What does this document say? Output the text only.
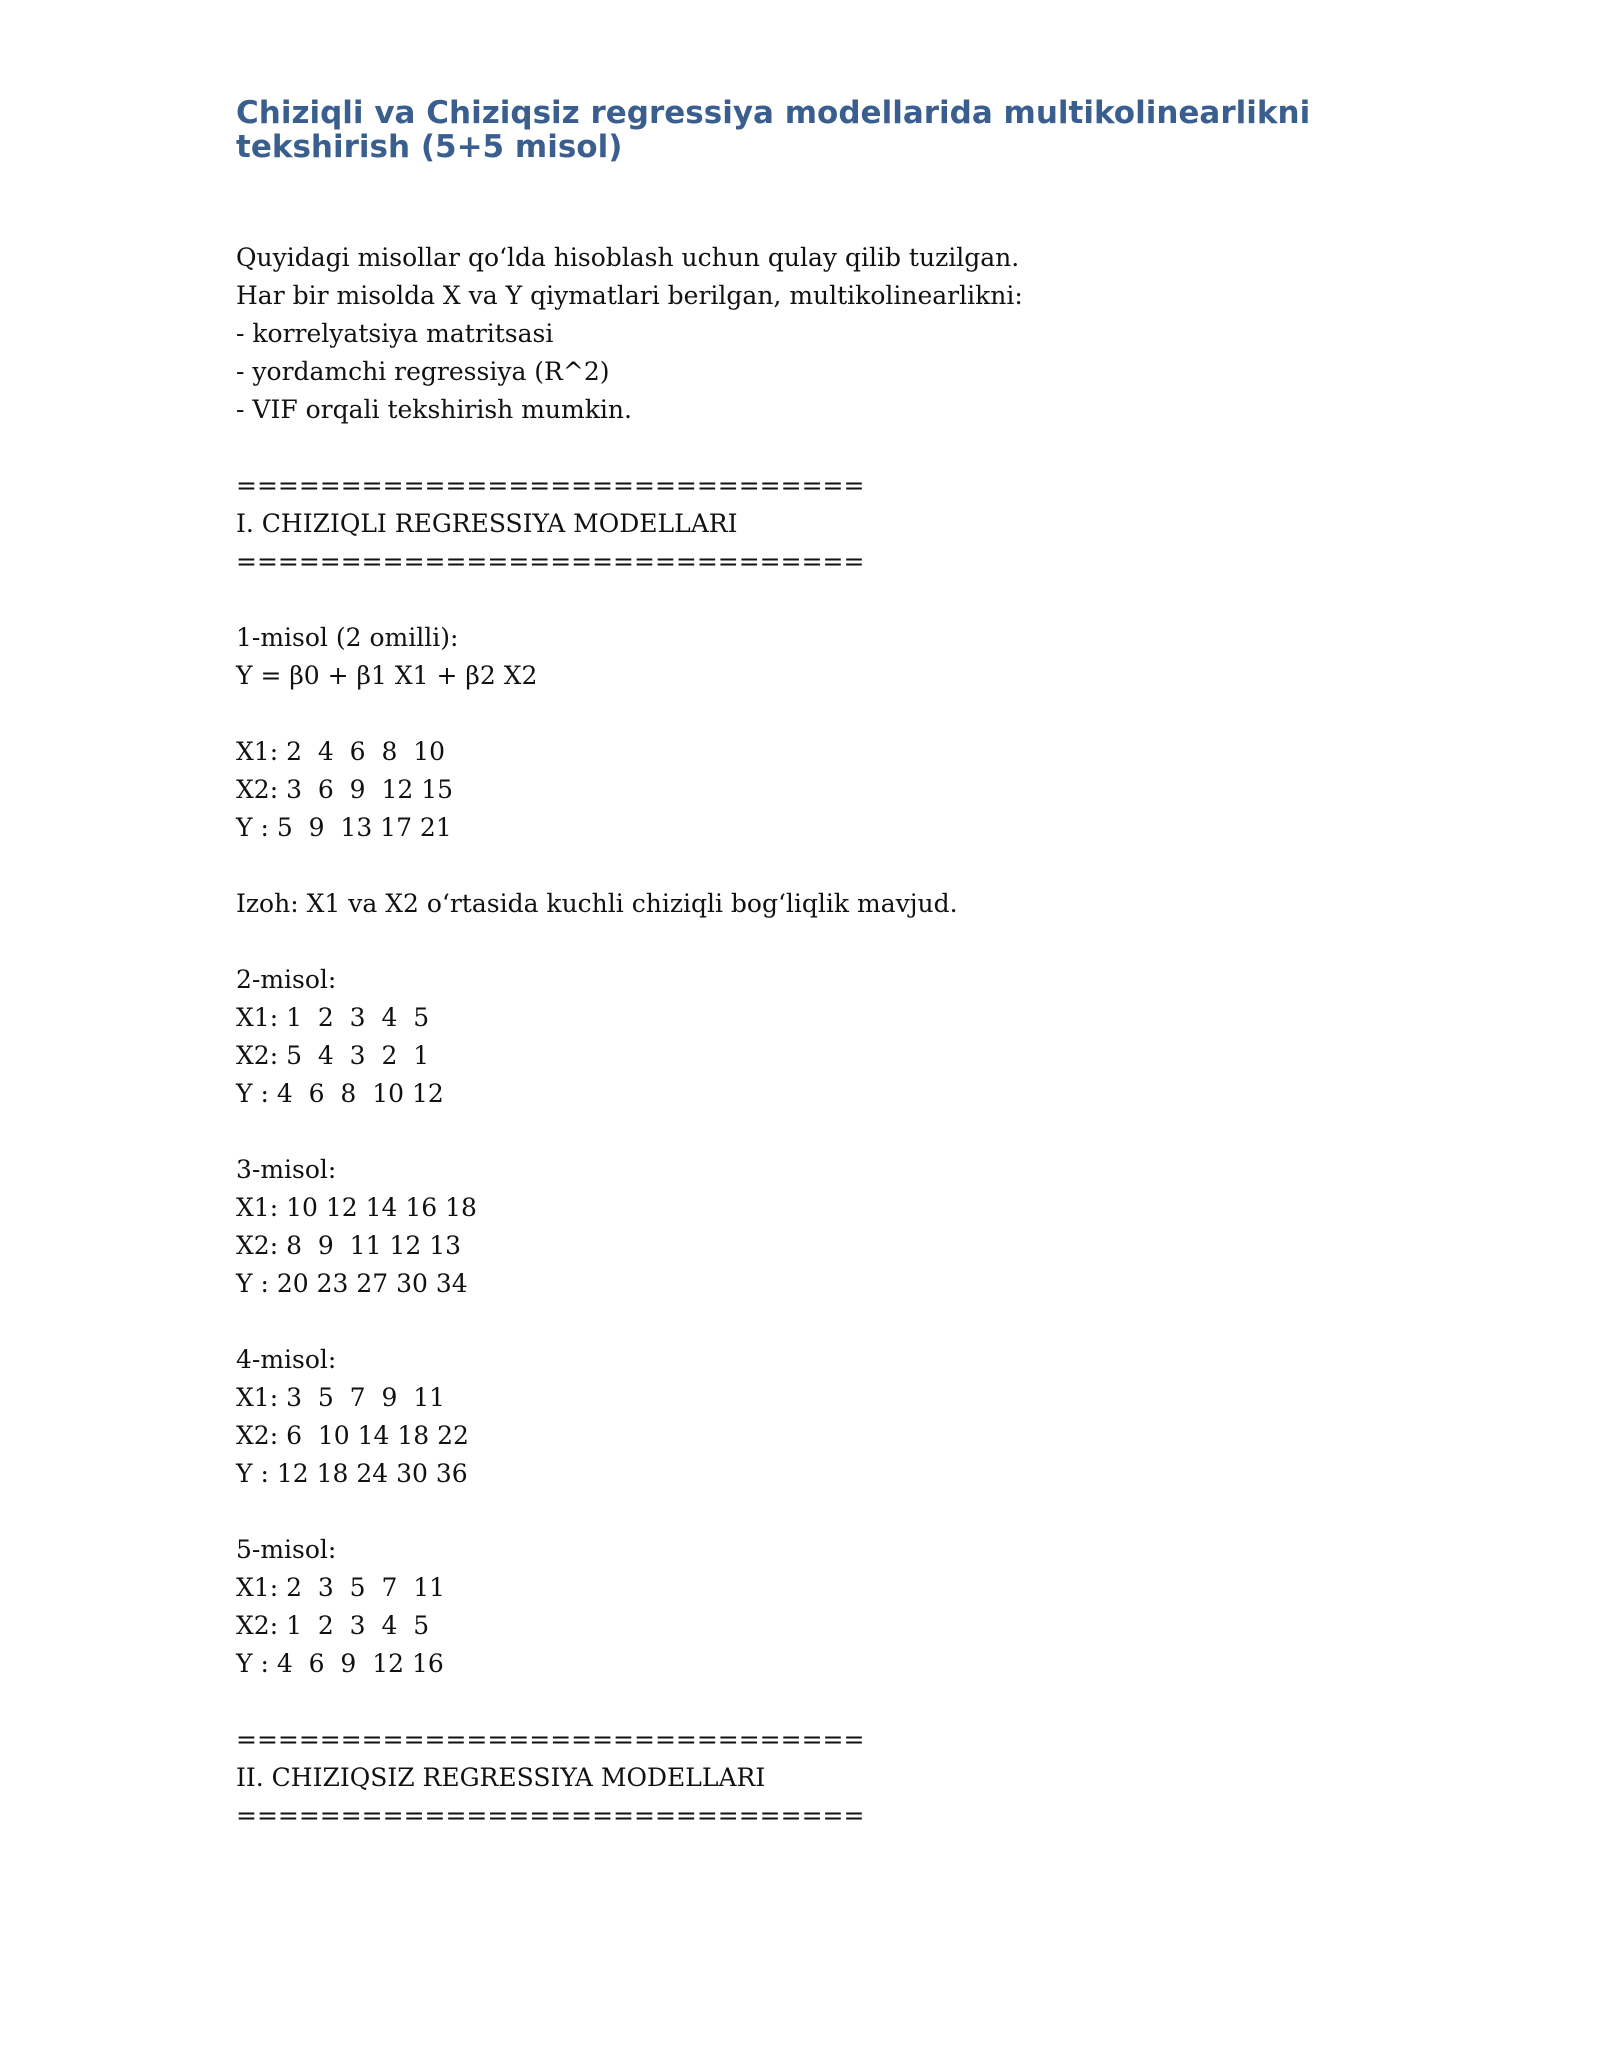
Chiziqli va Chiziqsiz regressiya modellarida multikolinearlikni tekshirish (5+5 misol)
Quyidagi misollar qo‘lda hisoblash uchun qulay qilib tuzilgan.
Har bir misolda X va Y qiymatlari berilgan, multikolinearlikni:
- korrelyatsiya matritsasi
- yordamchi regressiya (R^2)
- VIF orqali tekshirish mumkin.
==============================
I. CHIZIQLI REGRESSIYA MODELLARI
==============================
1-misol (2 omilli):
Y = β0 + β1 X1 + β2 X2
X1: 2  4  6  8  10
X2: 3  6  9  12 15
Y : 5  9  13 17 21
Izoh: X1 va X2 o‘rtasida kuchli chiziqli bog‘liqlik mavjud.
2-misol:
X1: 1  2  3  4  5
X2: 5  4  3  2  1
Y : 4  6  8  10 12
3-misol:
X1: 10 12 14 16 18
X2: 8  9  11 12 13
Y : 20 23 27 30 34
4-misol:
X1: 3  5  7  9  11
X2: 6  10 14 18 22
Y : 12 18 24 30 36
5-misol:
X1: 2  3  5  7  11
X2: 1  2  3  4  5
Y : 4  6  9  12 16
==============================
II. CHIZIQSIZ REGRESSIYA MODELLARI
==============================
